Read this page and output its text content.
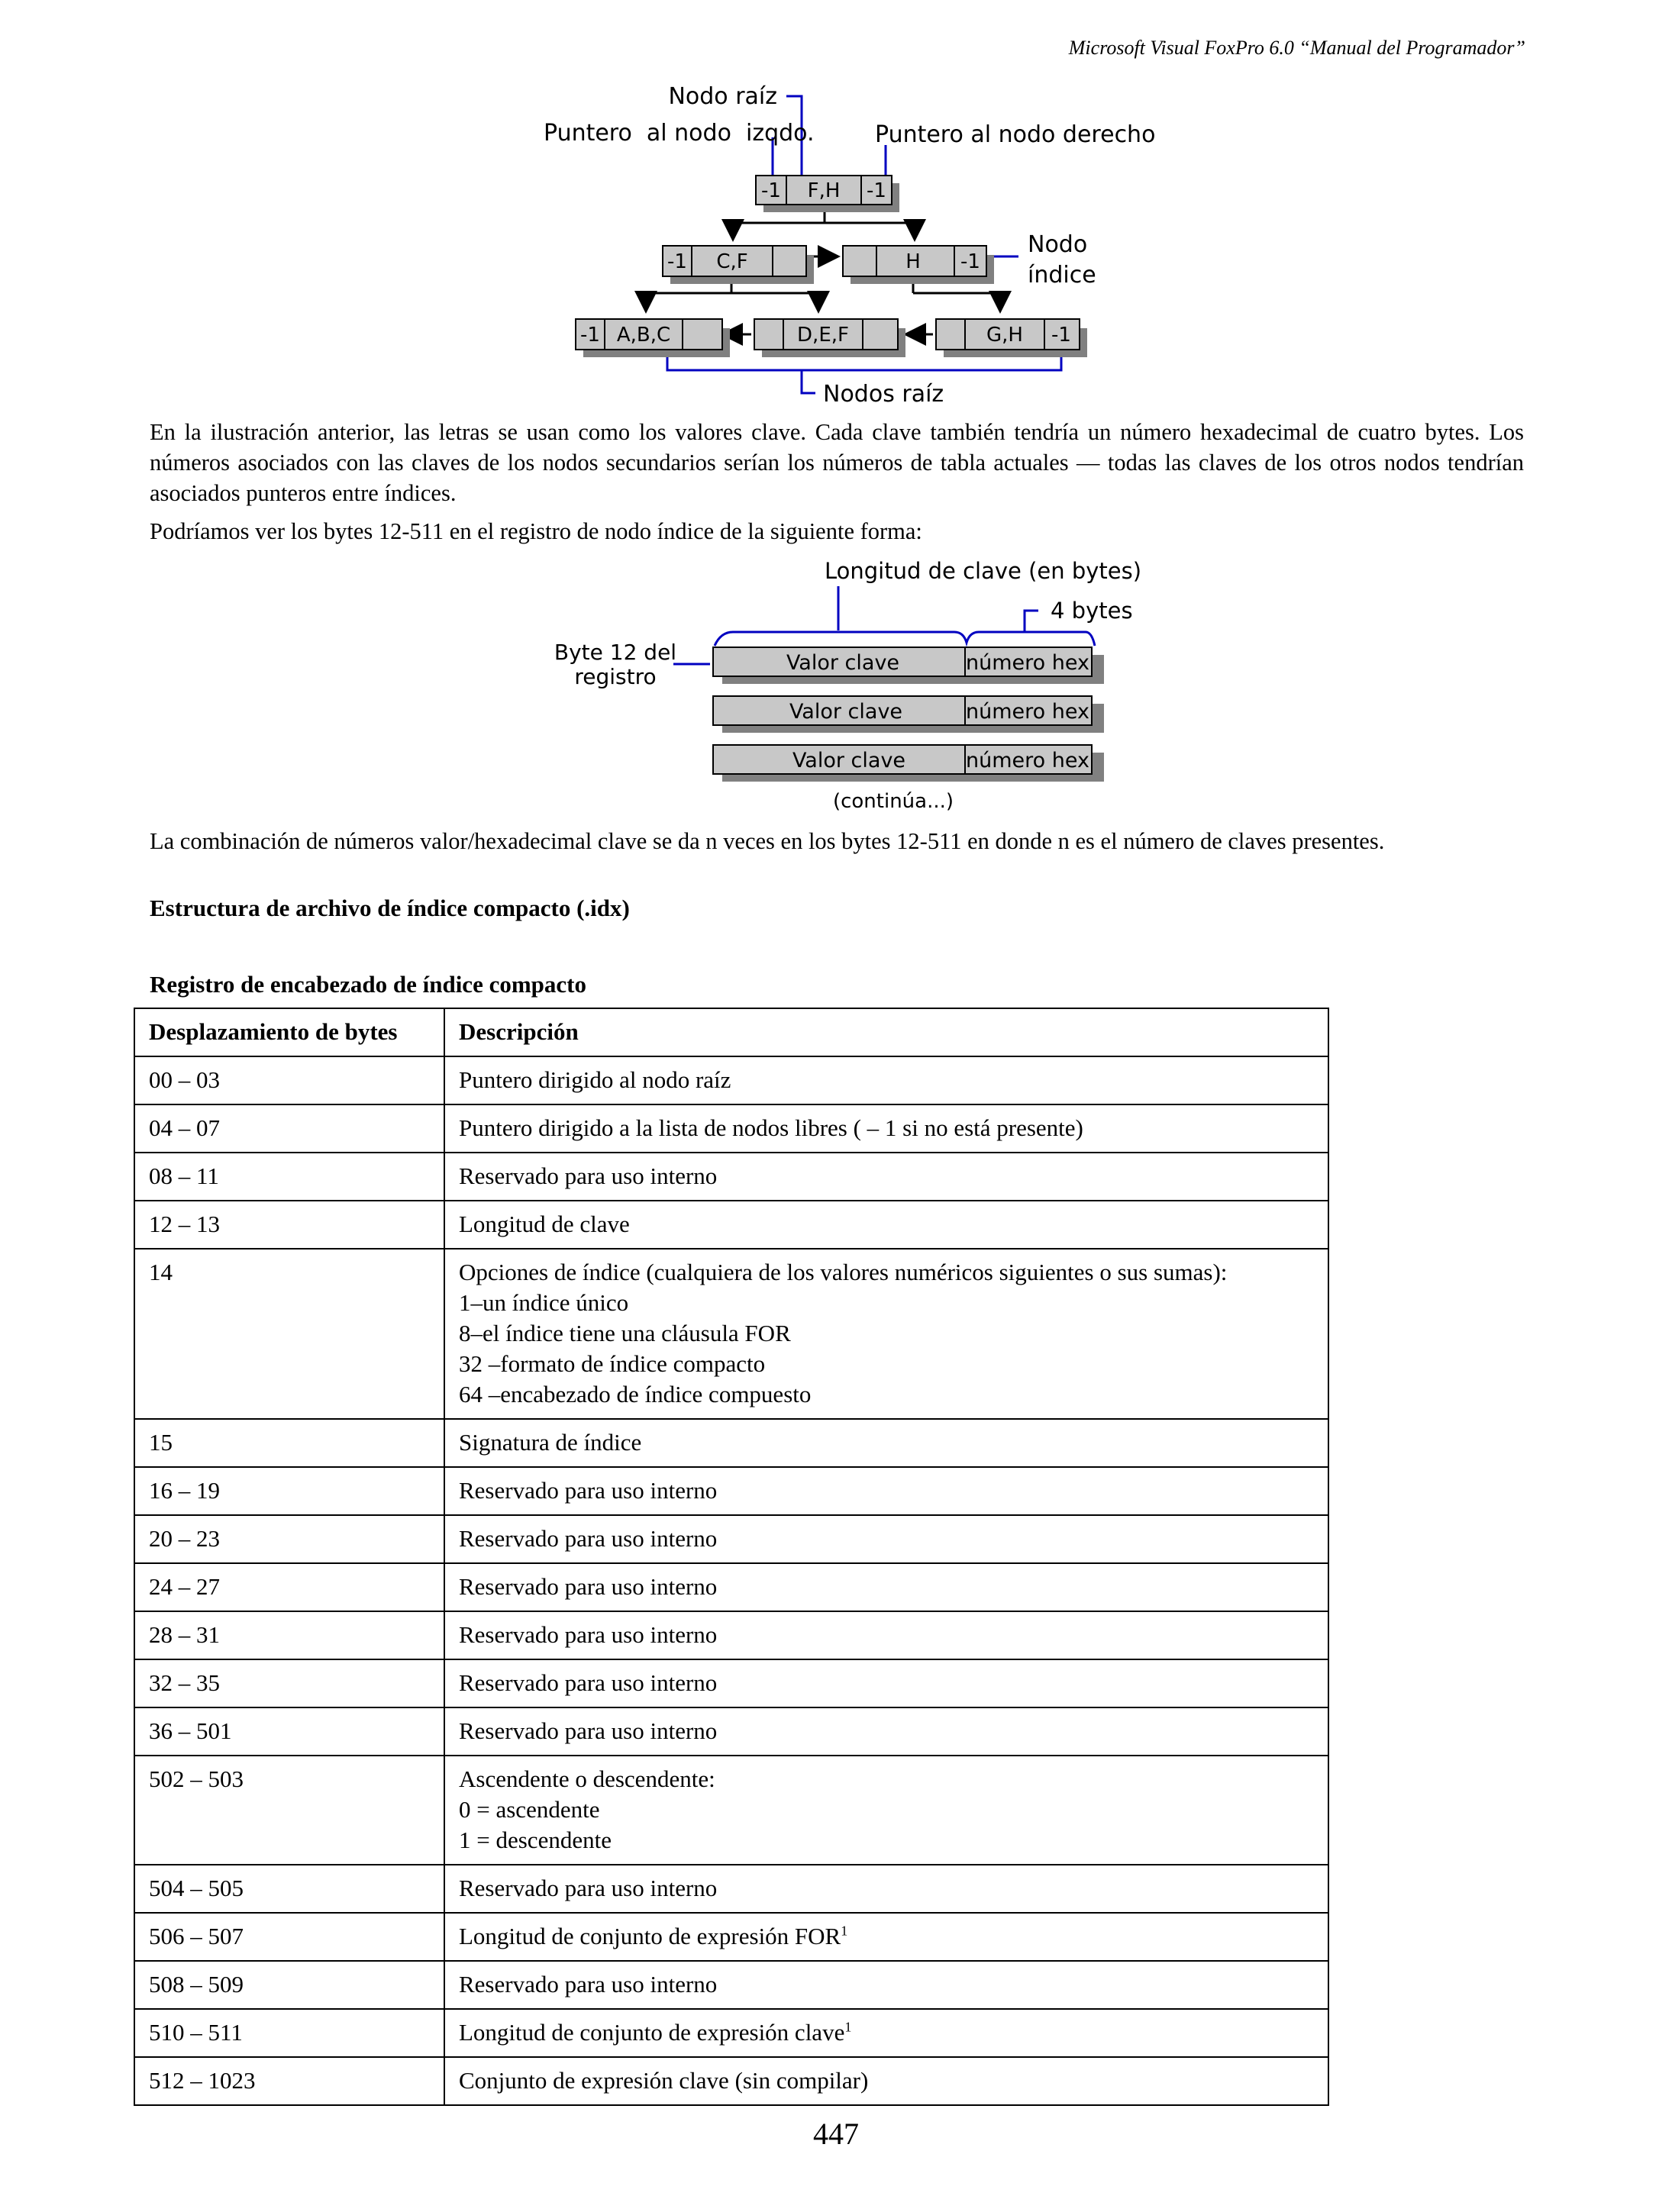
Microsoft Visual FoxPro 6.0 “Manual del Programador”
-1 F,H -1
-1 C,F	H -1
-1 A,B,C	D,E,F	G,H -1
Nodo raíz
Puntero al nodo derecho
Nodo
índice
Nodos raíz
Puntero  al nodo  izqdo.

En la ilustración anterior, las letras se usan como los valores clave. Cada clave también tendría un número hexadecimal de cuatro bytes. Los números asociados con las claves de los nodos secundarios serían los números de tabla actuales — todas las claves de los otros nodos tendrían asociados punteros entre índices.

Podríamos ver los bytes 12-511 en el registro de nodo índice de la siguiente forma:

Valor clave	número hex
Valor clave	número hex
Valor clave	número hex
Longitud de clave (en bytes)
4 bytes
Byte 12 del
registro
(continúa...)

La combinación de números valor/hexadecimal clave se da n veces en los bytes 12-511 en donde n es el número de claves presentes.

Estructura de archivo de índice compacto (.idx)

Registro de encabezado de índice compacto

Desplazamiento de bytes	Descripción
00 – 03	Puntero dirigido al nodo raíz

04 – 07	Puntero dirigido a la lista de nodos libres ( – 1 si no está presente)

08 – 11	Reservado para uso interno

12 – 13	Longitud de clave

14	Opciones de índice (cualquiera de los valores numéricos siguientes o sus sumas):
1–un índice único
8–el índice tiene una cláusula FOR
32 –formato de índice compacto
64 –encabezado de índice compuesto

15	Signatura de índice

16 – 19	Reservado para uso interno

20 – 23	Reservado para uso interno

24 – 27	Reservado para uso interno

28 – 31	Reservado para uso interno

32 – 35	Reservado para uso interno

36 – 501	Reservado para uso interno

502 – 503	Ascendente o descendente:
0 = ascendente
1 = descendente

504 – 505	Reservado para uso interno

506 – 507	Longitud de conjunto de expresión FOR$^1$

508 – 509	Reservado para uso interno

510 – 511	Longitud de conjunto de expresión clave$^1$

512 – 1023	Conjunto de expresión clave (sin compilar)
447
